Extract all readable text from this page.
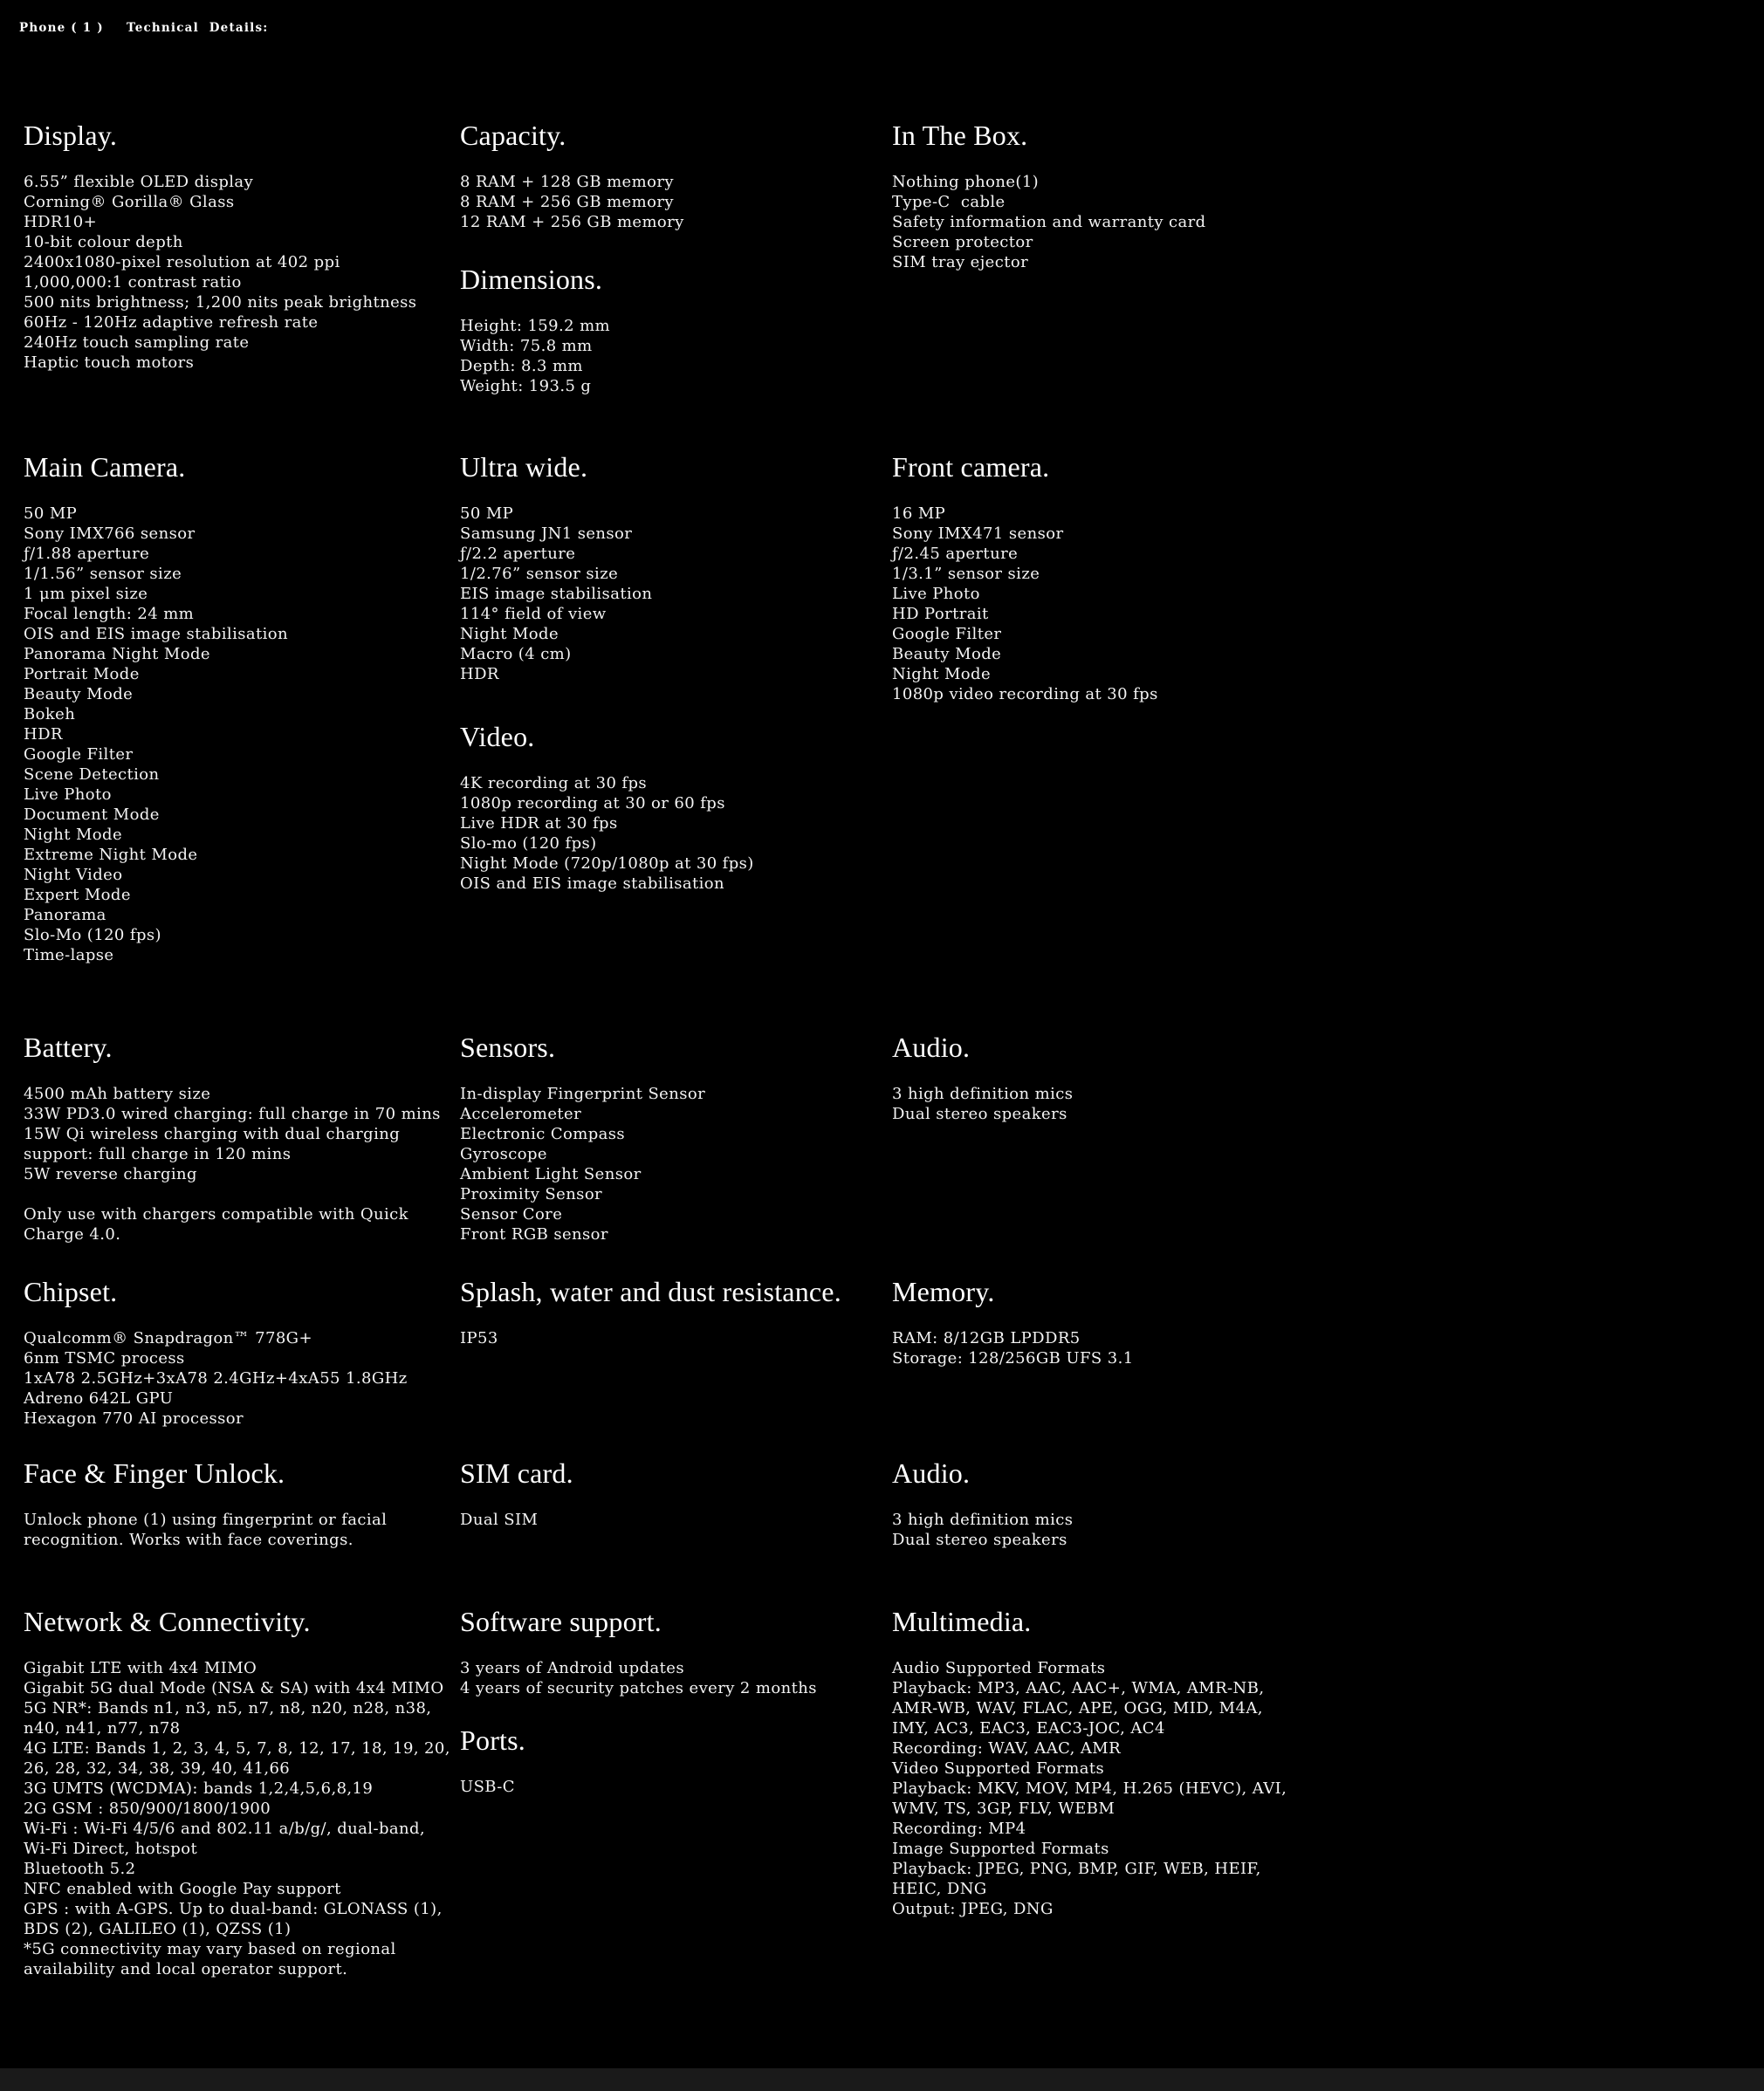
Phone ( 1 ) Technical  Details:
Display.
6.55” flexible OLED display
Corning® Gorilla® Glass
HDR10+
10-bit colour depth
2400x1080-pixel resolution at 402 ppi
1,000,000:1 contrast ratio
500 nits brightness; 1,200 nits peak brightness
60Hz - 120Hz adaptive refresh rate
240Hz touch sampling rate
Haptic touch motors
Capacity.
8 RAM + 128 GB memory
8 RAM + 256 GB memory
12 RAM + 256 GB memory
Dimensions.
Height: 159.2 mm
Width: 75.8 mm
Depth: 8.3 mm
Weight: 193.5 g
In The Box.
Nothing phone(1)
Type-C  cable
Safety information and warranty card
Screen protector
SIM tray ejector
Main Camera.
50 MP
Sony IMX766 sensor
ƒ/1.88 aperture
1/1.56” sensor size
1 μm pixel size
Focal length: 24 mm
OIS and EIS image stabilisation
Panorama Night Mode
Portrait Mode
Beauty Mode
Bokeh
HDR
Google Filter
Scene Detection
Live Photo
Document Mode
Night Mode
Extreme Night Mode
Night Video
Expert Mode
Panorama
Slo-Mo (120 fps)
Time-lapse
Ultra wide.
50 MP
Samsung JN1 sensor
ƒ/2.2 aperture
1/2.76” sensor size
EIS image stabilisation
114° field of view
Night Mode
Macro (4 cm)
HDR
Video.
4K recording at 30 fps
1080p recording at 30 or 60 fps
Live HDR at 30 fps
Slo-mo (120 fps)
Night Mode (720p/1080p at 30 fps)
OIS and EIS image stabilisation
Front camera.
16 MP
Sony IMX471 sensor
ƒ/2.45 aperture
1/3.1” sensor size
Live Photo
HD Portrait
Google Filter
Beauty Mode
Night Mode
1080p video recording at 30 fps
Battery.
4500 mAh battery size
33W PD3.0 wired charging: full charge in 70 mins
15W Qi wireless charging with dual charging support: full charge in 120 mins
5W reverse charging
Only use with chargers compatible with Quick Charge 4.0.
Sensors.
In-display Fingerprint Sensor
Accelerometer
Electronic Compass
Gyroscope
Ambient Light Sensor
Proximity Sensor
Sensor Core
Front RGB sensor
Audio.
3 high definition mics
Dual stereo speakers
Chipset.
Qualcomm® Snapdragon™ 778G+
6nm TSMC process
1xA78 2.5GHz+3xA78 2.4GHz+4xA55 1.8GHz
Adreno 642L GPU
Hexagon 770 AI processor
Splash, water and dust resistance.
IP53
Memory.
RAM: 8/12GB LPDDR5
Storage: 128/256GB UFS 3.1
Face & Finger Unlock.
Unlock phone (1) using fingerprint or facial recognition. Works with face coverings.
SIM card.
Dual SIM
Audio.
3 high definition mics
Dual stereo speakers
Network & Connectivity.
Gigabit LTE with 4x4 MIMO
Gigabit 5G dual Mode (NSA & SA) with 4x4 MIMO
5G NR*: Bands n1, n3, n5, n7, n8, n20, n28, n38, n40, n41, n77, n78
4G LTE: Bands 1, 2, 3, 4, 5, 7, 8, 12, 17, 18, 19, 20, 26, 28, 32, 34, 38, 39, 40, 41,66
3G UMTS (WCDMA): bands 1,2,4,5,6,8,19
2G GSM : 850/900/1800/1900
Wi-Fi : Wi-Fi 4/5/6 and 802.11 a/b/g/, dual-band, Wi-Fi Direct, hotspot
Bluetooth 5.2
NFC enabled with Google Pay support
GPS : with A-GPS. Up to dual-band: GLONASS (1), BDS (2), GALILEO (1), QZSS (1)
*5G connectivity may vary based on regional availability and local operator support.
Software support.
3 years of Android updates
4 years of security patches every 2 months
Ports.
USB-C
Multimedia.
Audio Supported Formats
Playback: MP3, AAC, AAC+, WMA, AMR-NB, AMR-WB, WAV, FLAC, APE, OGG, MID, M4A, IMY, AC3, EAC3, EAC3-JOC, AC4
Recording: WAV, AAC, AMR
Video Supported Formats
Playback: MKV, MOV, MP4, H.265 (HEVC), AVI, WMV, TS, 3GP, FLV, WEBM
Recording: MP4
Image Supported Formats
Playback: JPEG, PNG, BMP, GIF, WEB, HEIF, HEIC, DNG
Output: JPEG, DNG
